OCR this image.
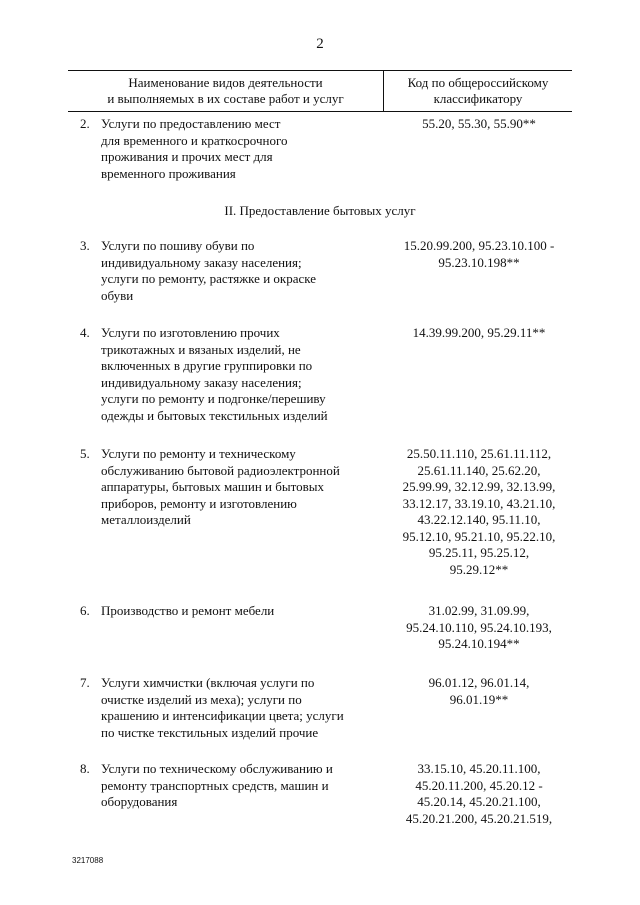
2
Наименование видов деятельности
и выполняемых в их составе работ и услуг
Код по общероссийскому
классификатору
2. Услуги по предоставлению мест
для временного и краткосрочного
проживания и прочих мест для
временного проживания
55.20, 55.30, 55.90**
II. Предоставление бытовых услуг
3. Услуги по пошиву обуви по
индивидуальному заказу населения;
услуги по ремонту, растяжке и окраске
обуви
15.20.99.200, 95.23.10.100 -
95.23.10.198**
4. Услуги по изготовлению прочих
трикотажных и вязаных изделий, не
включенных в другие группировки по
индивидуальному заказу населения;
услуги по ремонту и подгонке/перешиву
одежды и бытовых текстильных изделий
14.39.99.200, 95.29.11**
5. Услуги по ремонту и техническому
обслуживанию бытовой радиоэлектронной
аппаратуры, бытовых машин и бытовых
приборов, ремонту и изготовлению
металлоизделий
25.50.11.110, 25.61.11.112,
25.61.11.140, 25.62.20,
25.99.99, 32.12.99, 32.13.99,
33.12.17, 33.19.10, 43.21.10,
43.22.12.140, 95.11.10,
95.12.10, 95.21.10, 95.22.10,
95.25.11, 95.25.12,
95.29.12**
6. Производство и ремонт мебели	31.02.99, 31.09.99,
95.24.10.110, 95.24.10.193,
95.24.10.194**
7. Услуги химчистки (включая услуги по
очистке изделий из меха); услуги по
крашению и интенсификации цвета; услуги
по чистке текстильных изделий прочие
96.01.12, 96.01.14,
96.01.19**
8. Услуги по техническому обслуживанию и
ремонту транспортных средств, машин и
оборудования
33.15.10, 45.20.11.100,
45.20.11.200, 45.20.12 -
45.20.14, 45.20.21.100,
45.20.21.200, 45.20.21.519,
3217088
